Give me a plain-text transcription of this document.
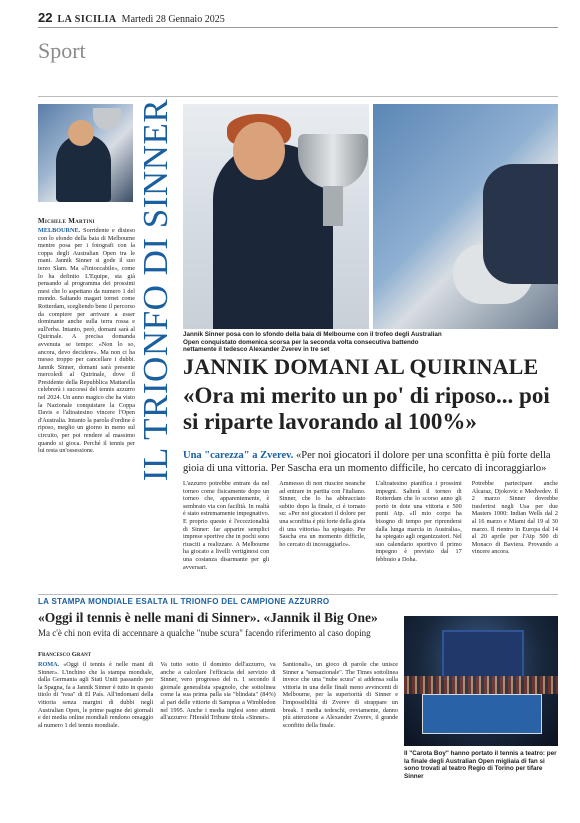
22 LA SICILIA Martedì 28 Gennaio 2025
Sport
Michele Martini
MELBOURNE. Sorridente e disteso con lo sfondo della baia di Melbourne mentre posa per i fotografi con la coppa degli Australian Open tra le mani. Jannik Sinner si gode il suo terzo Slam. Ma «l'intoccabile», come lo ha definito L'Equipe, sta già pensando al programma dei prossimi mesi che lo aspettano da numero 1 del mondo. Saltando magari tornei come Rotterdam, scegliendo bene il percorso da compiere per arrivare a esser dominante anche sulla terra rossa e sull'erba. Intanto, però, domani sarà al Quirinale. A precisa domanda avvenuta se tempo: «Non lo so, ancora, devo decidere». Ma non ci ha messo troppo per cancellare i dubbi. Jannik Sinner, domani sarà presente mercoledì al Quirinale, dove il Presidente della Repubblica Mattarella celebrerà i successi del tennis azzurro nel 2024. Un anno magico che ha visto la Nazionale conquistare la Coppa Davis e l'altoatesino vincere l'Open d'Australia. Intanto la parola d'ordine è riposo, meglio un giorno in meno sul circuito, per poi rendere al massimo quando si gioca. Perché il tennis per lui resta un'ossessione.	IL TRIONFO DI SINNER Jannik Sinner posa con lo sfondo della baia di Melbourne con il trofeo degli Australian Open conquistato domenica scorsa per la seconda volta consecutiva battendo nettamente il tedesco Alexander Zverev in tre set
JANNIK DOMANI AL QUIRINALE
«Ora mi merito un po' di riposo... poi si riparte lavorando al 100%»
Una "carezza" a Zverev. «Per noi giocatori il dolore per una sconfitta è più forte della gioia di una vittoria. Per Sascha era un momento difficile, ho cercato di incoraggiarlo»
L'azzurro potrebbe entrare da nel torneo come fisicamente dopo un torneo che, apparentemente, è sembrato via con facilità. In realtà è stato estremamente impegnativo. E proprio questo è l'eccezionalità di Sinner: far apparire semplici imprese sportive che in pochi sono riusciti a realizzare. A Melbourne ha giocato a livelli vertiginosi con una costanza disarmante per gli avversari.
Ammesso di non riuscire neanche ad entrare in partita con l'italiano. Sinner, che lo ha abbracciato subito dopo la finale, ci è tornato su: «Per noi giocatori il dolore per una sconfitta è più forte della gioia di una vittoria» ha spiegato. Per Sascha era un momento difficile, ho cercato di incoraggiarlo».
L'altoatesino pianifica i prossimi impegni. Salterà il torneo di Rotterdam che lo scorso anno gli portò in dote una vittoria e 500 punti Atp. «Il mio corpo ha bisogno di tempo per riprendersi dalla lunga marcia in Australia», ha spiegato agli organizzatori. Nel suo calendario sportivo il primo impegno è previsto dal 17 febbraio a Doha.
Potrebbe partecipare anche Alcaraz, Djokovic e Medvedev. Il 2 marzo Sinner dovrebbe trasferirsi negli Usa per due Masters 1000: Indian Wells dal 2 al 16 marzo e Miami dal 19 al 30 marzo. Il rientro in Europa dal 14 al 20 aprile per l'Atp 500 di Monaco di Baviera. Provando a vincere ancora.
LA STAMPA MONDIALE ESALTA IL TRIONFO DEL CAMPIONE AZZURRO
«Oggi il tennis è nelle mani di Sinner». «Jannik il Big One»
Ma c'è chi non evita di accennare a qualche "nube scura" facendo riferimento al caso doping
Francesco Grant
ROMA. «Oggi il tennis è nelle mani di Sinner». L'inchino che la stampa mondiale, dalla Germania agli Stati Uniti passando per la Spagna, fa a Jannik Sinner è tutto in questo titolo di "resa" di El País. All'indomani della vittoria senza margini di dubbi negli Australian Open, le prime pagine dei giornali e dei media online mondiali rendono omaggio al numero 1 del tennis mondiale.
Va tutto sotto il dominio dell'azzurro, va anche a calcolare l'efficacia del servizio di Sinner, vero progresso del n. 1 secondo il giornale generalista spagnolo, che sottolinea come la sua prima palla sia "blindata" (84%) al pari delle vittorie di Sampras a Wimbledon nel 1995. Anche i media inglesi sono attenti all'azzurro: l'Herald Tribune titola «Sinner».
Santionali», un gioco di parole che unisce Sinner a "sensazionale". The Times sottolinea invece che una "nube scura" si addensa sulla vittoria in una delle finali meno avvincenti di Melbourne, per la superiorità di Sinner e l'impossibilità di Zverev di strappare un break. I media tedeschi, ovviamente, danno più attenzione a Alexander Zverev, il grande sconfitto della finale.
Il "Carota Boy" hanno portato il tennis a teatro: per la finale degli Australian Open migliaia di fan si sono trovati al teatro Regio di Torino per tifare Sinner
